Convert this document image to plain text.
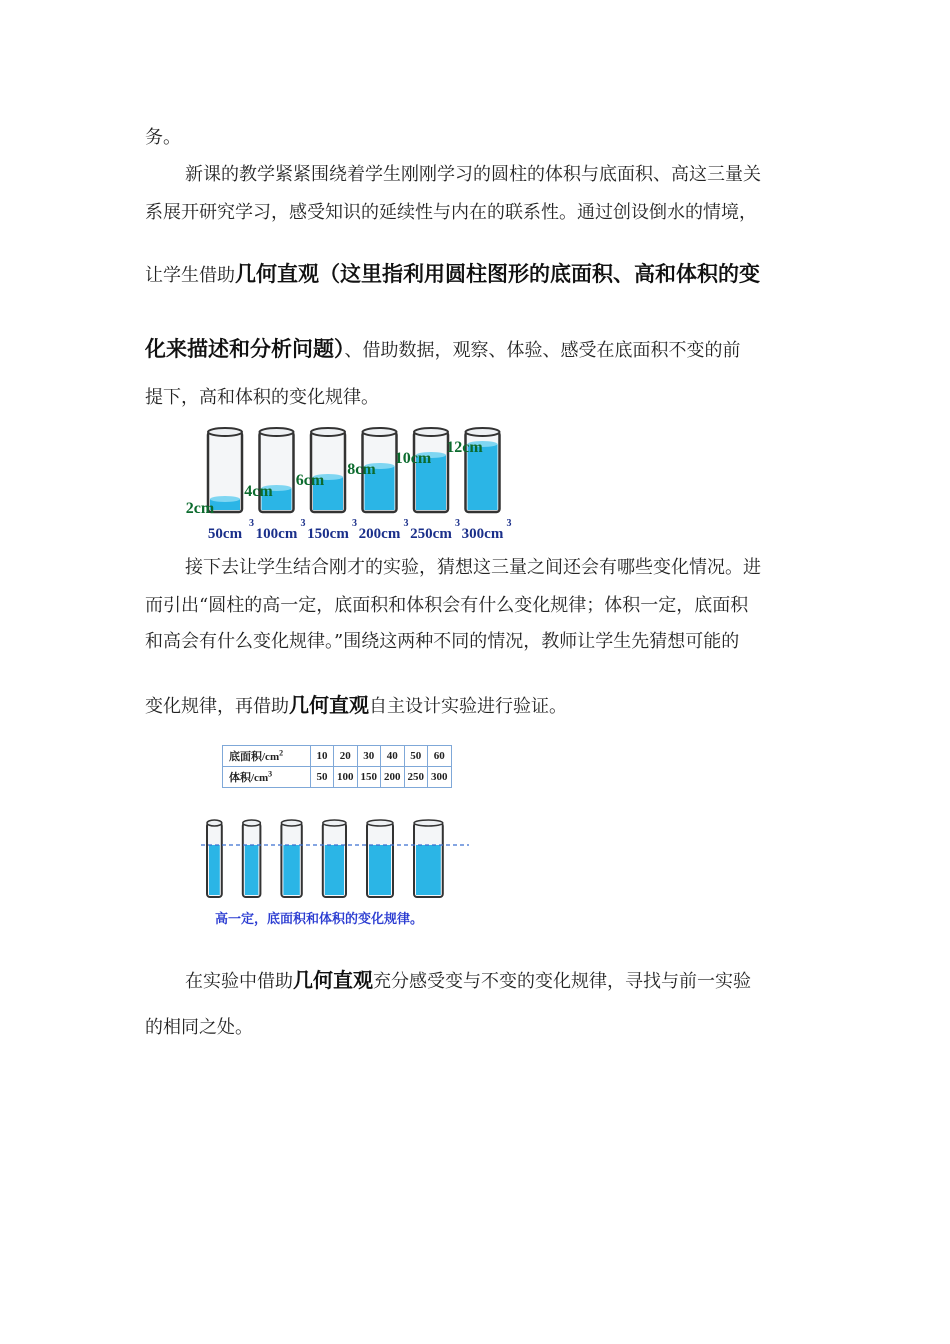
务。
新课的教学紧紧围绕着学生刚刚学习的圆柱的体积与底面积、高这三量关
系展开研究学习，感受知识的延续性与内在的联系性。通过创设倒水的情境，
让学生借助几何直观（这里指利用圆柱图形的底面积、高和体积的变
化来描述和分析问题）、借助数据，观察、体验、感受在底面积不变的前
提下，高和体积的变化规律。
2cm
50cm
3
4cm
100cm
3
6cm
150cm
3
8cm
200cm
3
10cm
250cm
3
12cm
300cm
3
接下去让学生结合刚才的实验，猜想这三量之间还会有哪些变化情况。进
而引出“圆柱的高一定，底面积和体积会有什么变化规律；体积一定，底面积
和高会有什么变化规律。”围绕这两种不同的情况，教师让学生先猜想可能的
变化规律，再借助几何直观自主设计实验进行验证。
底面积$/cm^2$	10	20	30	40	50	60
体积$/cm^3$	50	100	150	200	250	300
高一定，底面积和体积的变化规律。
在实验中借助几何直观充分感受变与不变的变化规律，寻找与前一实验
的相同之处。
